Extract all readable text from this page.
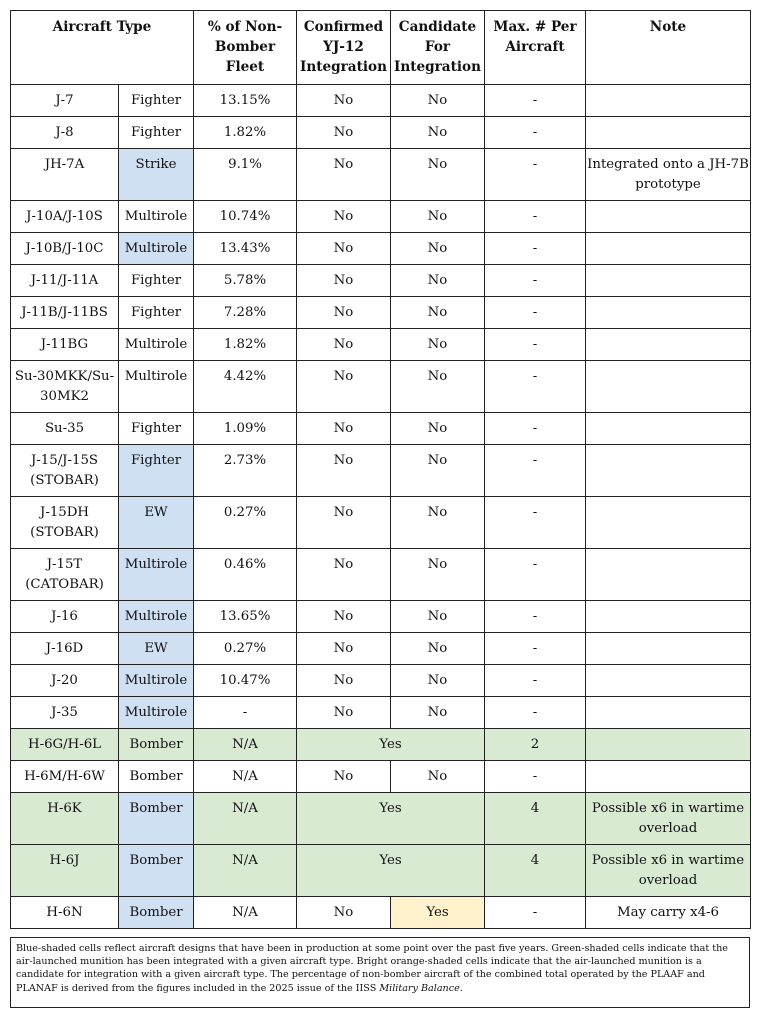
Aircraft Type		% of Non-Bomber Fleet	Confirmed YJ-12 Integration	Candidate For Integration	Max. # Per Aircraft	Note
J-7	Fighter	13.15%	No	No	-	
J-8	Fighter	1.82%	No	No	-	
JH-7A	Strike	9.1%	No	No	-	Integrated onto a JH-7B prototype
J-10A/J-10S	Multirole	10.74%	No	No	-	
J-10B/J-10C	Multirole	13.43%	No	No	-	
J-11/J-11A	Fighter	5.78%	No	No	-	
J-11B/J-11BS	Fighter	7.28%	No	No	-	
J-11BG	Multirole	1.82%	No	No	-	
Su-30MKK/Su-30MK2	Multirole	4.42%	No	No	-	
Su-35	Fighter	1.09%	No	No	-	
J-15/J-15S (STOBAR)	Fighter	2.73%	No	No	-	
J-15DH (STOBAR)	EW	0.27%	No	No	-	
J-15T (CATOBAR)	Multirole	0.46%	No	No	-	
J-16	Multirole	13.65%	No	No	-	
J-16D	EW	0.27%	No	No	-	
J-20	Multirole	10.47%	No	No	-	
J-35	Multirole	-	No	No	-	
H-6G/H-6L	Bomber	N/A	Yes		2	
H-6M/H-6W	Bomber	N/A	No	No	-	
H-6K	Bomber	N/A	Yes		4	Possible x6 in wartime overload
H-6J	Bomber	N/A	Yes		4	Possible x6 in wartime overload
H-6N	Bomber	N/A	No	Yes	-	May carry x4-6
Blue-shaded cells reflect aircraft designs that have been in production at some point over the past five years. Green-shaded cells indicate that the air-launched munition has been integrated with a given aircraft type. Bright orange-shaded cells indicate that the air-launched munition is a candidate for integration with a given aircraft type. The percentage of non-bomber aircraft of the combined total operated by the PLAAF and PLANAF is derived from the figures included in the 2025 issue of the IISS Military Balance.
